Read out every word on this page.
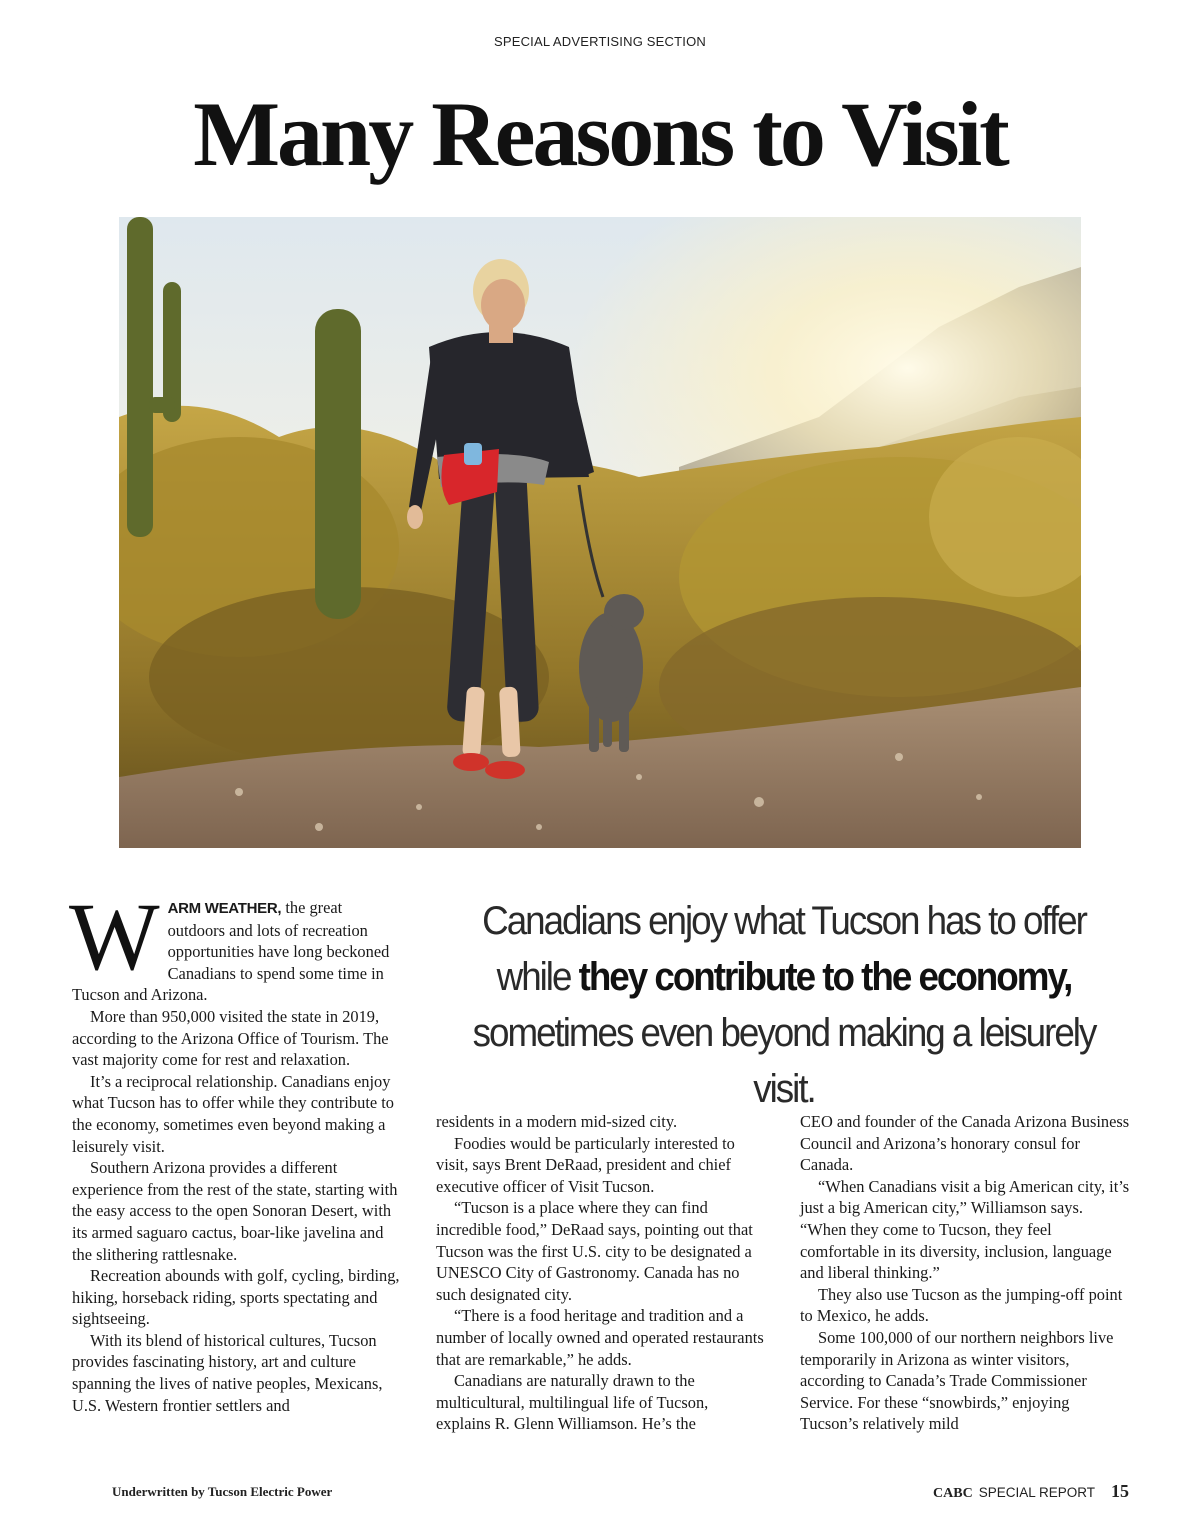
SPECIAL ADVERTISING SECTION
Many Reasons to Visit

WARM WEATHER, the great outdoors and lots of recreation opportunities have long beckoned Canadians to spend some time in Tucson and Arizona.

More than 950,000 visited the state in 2019, according to the Arizona Office of Tourism. The vast majority come for rest and relaxation.

It’s a reciprocal relationship. Canadians enjoy what Tucson has to offer while they contribute to the economy, sometimes even beyond making a leisurely visit.

Southern Arizona provides a different experience from the rest of the state, starting with the easy access to the open Sonoran Desert, with its armed saguaro cactus, boar-like javelina and the slithering rattlesnake.

Recreation abounds with golf, cycling, birding, hiking, horseback riding, sports spectating and sightseeing.

With its blend of historical cultures, Tucson provides fascinating history, art and culture spanning the lives of native peoples, Mexicans, U.S. Western frontier settlers and

Canadians enjoy what Tucson has to offer while they contribute to the economy, sometimes even beyond making a leisurely visit.

residents in a modern mid-sized city.

Foodies would be particularly interested to visit, says Brent DeRaad, president and chief executive officer of Visit Tucson.

“Tucson is a place where they can find incredible food,” DeRaad says, pointing out that Tucson was the first U.S. city to be designated a UNESCO City of Gastronomy. Canada has no such designated city.

“There is a food heritage and tradition and a number of locally owned and operated restaurants that are remarkable,” he adds.

Canadians are naturally drawn to the multicultural, multilingual life of Tucson, explains R. Glenn Williamson. He’s the

CEO and founder of the Canada Arizona Business Council and Arizona’s honorary consul for Canada.

“When Canadians visit a big American city, it’s just a big American city,” Williamson says. “When they come to Tucson, they feel comfortable in its diversity, inclusion, language and liberal thinking.”

They also use Tucson as the jumping-off point to Mexico, he adds.

Some 100,000 of our northern neighbors live temporarily in Arizona as winter visitors, according to Canada’s Trade Commissioner Service. For these “snowbirds,” enjoying Tucson’s relatively mild

Underwritten by Tucson Electric Power	CABC SPECIAL REPORT 15
